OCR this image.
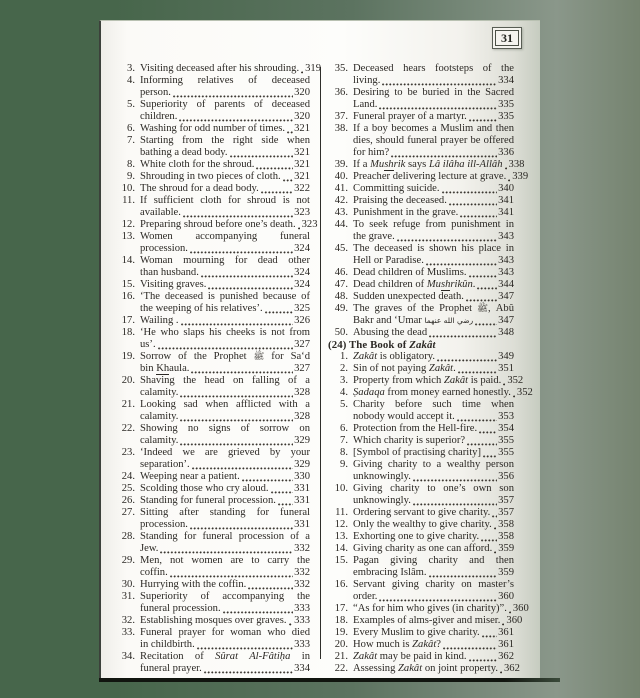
31
3. Visiting deceased after his shrouding. 319
4. Informing relatives of deceased
person.	320
5. Superiority of parents of deceased
children.	320
6. Washing for odd number of times. 321
7. Starting from the right side when
bathing a dead body.	321
8. White cloth for the shroud.	321
9. Shrouding in two pieces of cloth. 321
10. The shroud for a dead body.	322
11. If sufficient cloth for shroud is not
available.	323
12. Preparing shroud before one’s death. 323
13. Women accompanying funeral
procession.	324
14. Woman mourning for dead other
than husband.	324
15. Visiting graves.	324
16. ‘The deceased is punished because of
the weeping of his relatives’.	325
17. Wailing .	326
18. ‘He who slaps his cheeks is not from
us’.	327
19. Sorrow of the Prophet ﷺ for Sa‘d
bin Khaula.	327
20. Shaving the head on falling of a
calamity.	328
21. Looking sad when afflicted with a
calamity.	328
22. Showing no signs of sorrow on
calamity.	329
23. ‘Indeed we are grieved by your
separation’.	329
24. Weeping near a patient.	330
25. Scolding those who cry aloud. 331
26. Standing for funeral procession. 331
27. Sitting after standing for funeral
procession.	331
28. Standing for funeral procession of a
Jew.	332
29. Men, not women are to carry the
coffin.	332
30. Hurrying with the coffin.	332
31. Superiority of accompanying the
funeral procession.	333
32. Establishing mosques over graves. 333
33. Funeral prayer for woman who died
in childbirth.	333
34. Recitation of Sûrat Al-Fâtiḥa in
funeral prayer.	334
35. Deceased hears footsteps of the
living.	334
36. Desiring to be buried in the Sacred
Land.	335
37. Funeral prayer of a martyr.	335
38. If a boy becomes a Muslim and then
dies, should funeral prayer be offered
for him?	336
39. If a Mushrik says Lâ ilâha ill-Allâh 338
40. Preacher delivering lecture at grave. 339
41. Committing suicide.	340
42. Praising the deceased.	341
43. Punishment in the grave.	341
44. To seek refuge from punishment in
the grave.	343
45. The deceased is shown his place in
Hell or Paradise.	343
46. Dead children of Muslims.	343
47. Dead children of Mushrikûn. 344
48. Sudden unexpected death.	347
49. The graves of the Prophet ﷺ, Abû
Bakr and ‘Umar رضي الله عنهما 347
50. Abusing the dead	348
(24) The Book of Zakât
1. Zakât is obligatory.	349
2. Sin of not paying Zakât.	351
3. Property from which Zakât is paid. 352
4. Ṣadaqa from money earned honestly. 352
5. Charity before such time when
nobody would accept it.	353
6. Protection from the Hell-fire. 354
7. Which charity is superior?	355
8. [Symbol of practising charity] 355
9. Giving charity to a wealthy person
unknowingly.	356
10. Giving charity to one’s own son
unknowingly.	357
11. Ordering servant to give charity. 357
12. Only the wealthy to give charity. 358
13. Exhorting one to give charity. 358
14. Giving charity as one can afford. 359
15. Pagan giving charity and then
embracing Islâm.	359
16. Servant giving charity on master’s
order.	360
17. “As for him who gives (in charity)”. 360
18. Examples of alms-giver and miser. 360
19. Every Muslim to give charity. 361
20. How much is Zakât?	361
21. Zakât may be paid in kind.	362
22. Assessing Zakât on joint property. 362
